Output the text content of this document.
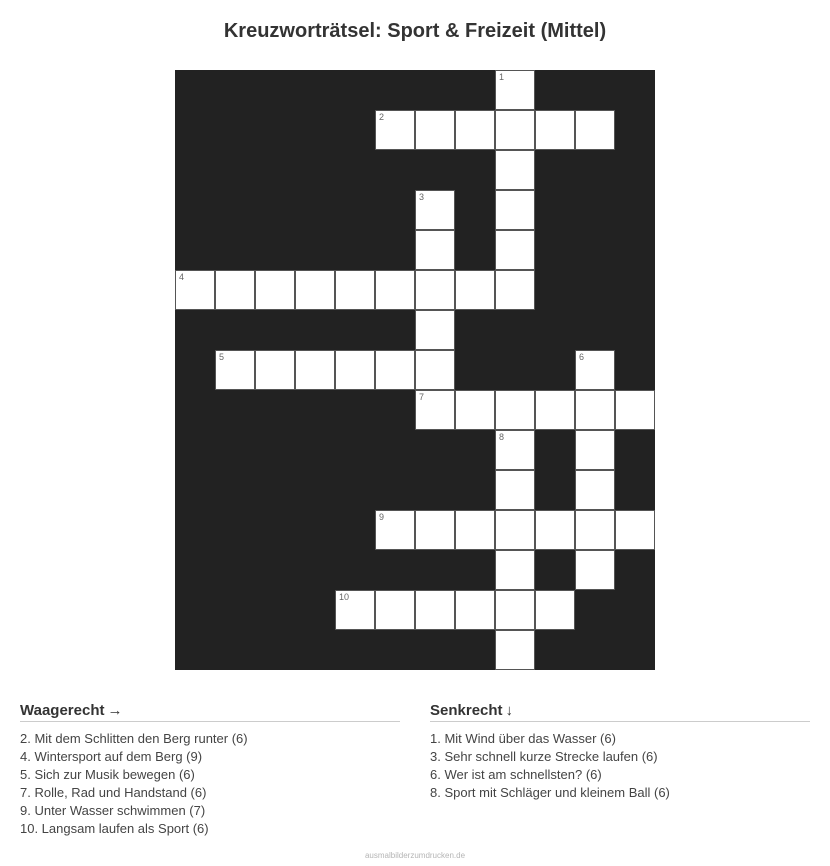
Kreuzworträtsel: Sport & Freizeit (Mittel)
1
2
3
4
5	6
7
8
9
10
Waagerecht →
2. Mit dem Schlitten den Berg runter (6)
4. Wintersport auf dem Berg (9)
5. Sich zur Musik bewegen (6)
7. Rolle, Rad und Handstand (6)
9. Unter Wasser schwimmen (7)
10. Langsam laufen als Sport (6)
Senkrecht ↓
1. Mit Wind über das Wasser (6)
3. Sehr schnell kurze Strecke laufen (6)
6. Wer ist am schnellsten? (6)
8. Sport mit Schläger und kleinem Ball (6)
ausmalbilderzumdrucken.de
